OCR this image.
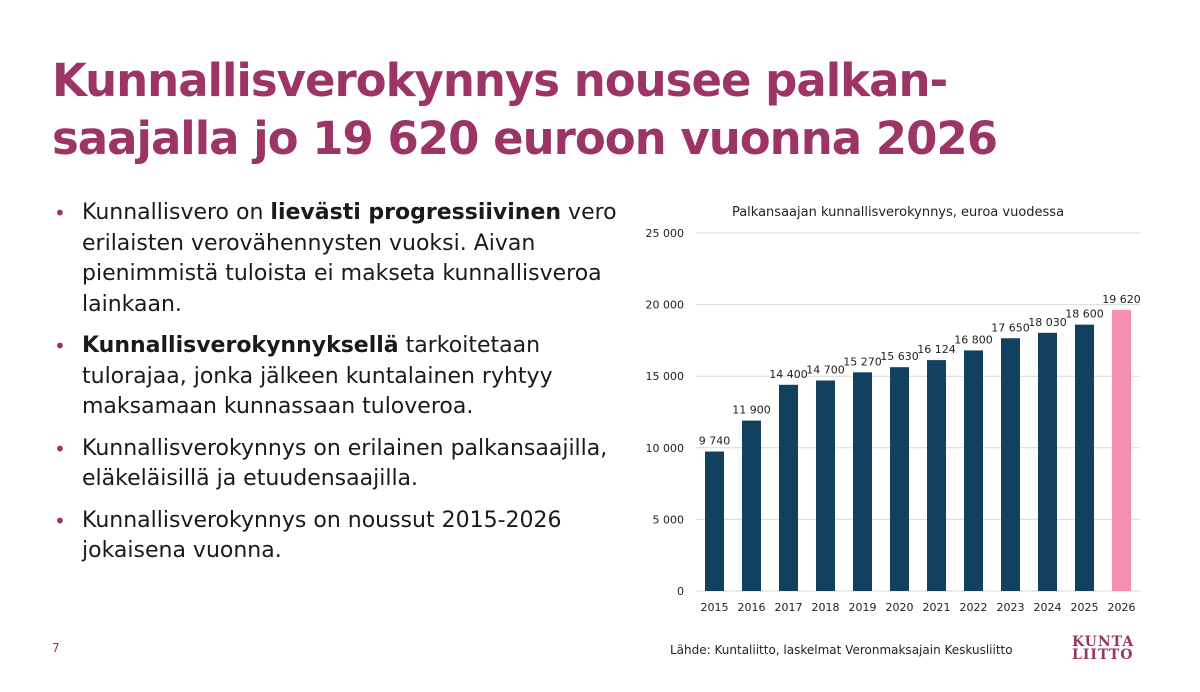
Kunnallisverokynnys nousee palkan-
saajalla jo 19 620 euroon vuonna 2026
• Kunnallisvero on lievästi progressiivinen vero erilaisten verovähennysten vuoksi. Aivan pienimmistä tuloista ei makseta kunnallisveroa lainkaan.
• Kunnallisverokynnyksellä tarkoitetaan tulorajaa, jonka jälkeen kuntalainen ryhtyy maksamaan kunnassaan tuloveroa.
• Kunnallisverokynnys on erilainen palkansaajilla, eläkeläisillä ja etuudensaajilla.
• Kunnallisverokynnys on noussut 2015-2026 jokaisena vuonna.
Palkansaajan kunnallisverokynnys, euroa vuodessa
0
5 000
10 000
15 000
20 000
25 000
9 740
2015
11 900
2016
14 400
2017
14 700
2018
15 270
2019
15 630
2020
16 124
2021
16 800
2022
17 650
2023
18 030
2024
18 600
2025
19 620
2026
7	Lähde: Kuntaliitto, laskelmat Veronmaksajain Keskusliitto	KUNTA
LIITTO
